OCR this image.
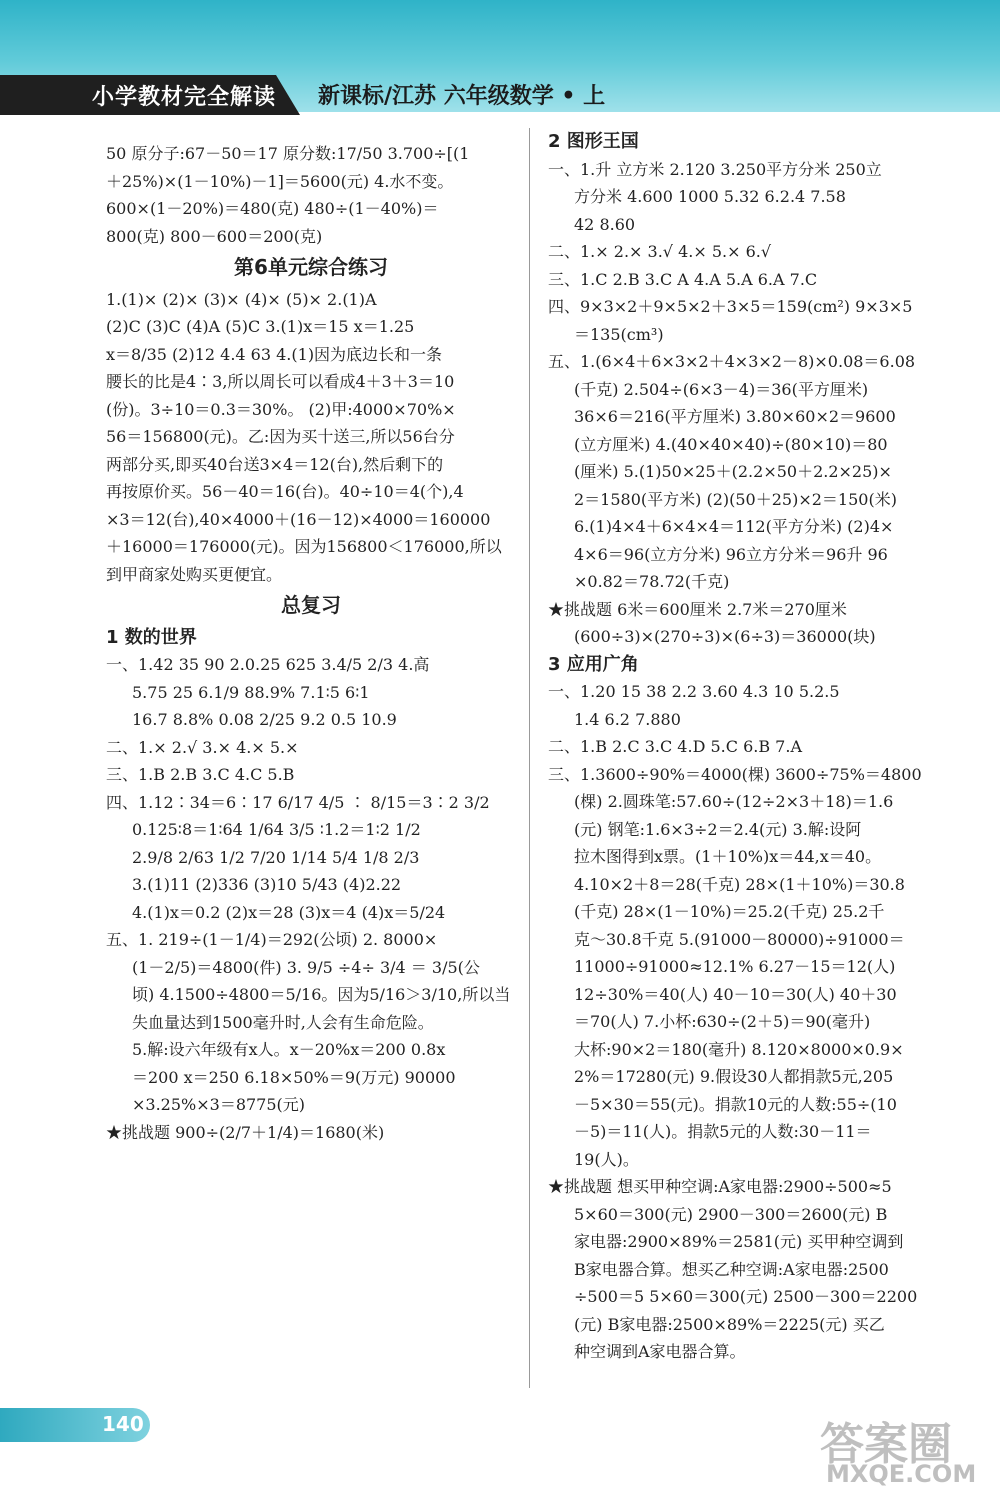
小学教材完全解读 新课标/江苏 六年级数学 • 上

50 原分子:67－50＝17 原分数:17/50 3.700÷[(1

＋25%)×(1－10%)－1]＝5600(元) 4.水不变。

600×(1－20%)＝480(克) 480÷(1－40%)＝

800(克) 800－600＝200(克)

第6单元综合练习

1.(1)× (2)× (3)× (4)× (5)× 2.(1)A

(2)C (3)C (4)A (5)C 3.(1)x＝15 x＝1.25

x＝8/35 (2)12 4.4 63 4.(1)因为底边长和一条

腰长的比是4∶3,所以周长可以看成4＋3＋3＝10

(份)。3÷10＝0.3＝30%。 (2)甲:4000×70%×

56＝156800(元)。乙:因为买十送三,所以56台分

两部分买,即买40台送3×4＝12(台),然后剩下的

再按原价买。56－40＝16(台)。40÷10＝4(个),4

×3＝12(台),40×4000＋(16－12)×4000＝160000

＋16000＝176000(元)。因为156800＜176000,所以

到甲商家处购买更便宜。

总复习

1 数的世界

一、1.42 35 90 2.0.25 625 3.4/5 2/3 4.高

5.75 25 6.1/9 88.9% 7.1∶5 6∶1

16.7 8.8% 0.08 2/25 9.2 0.5 10.9

二、1.× 2.√ 3.× 4.× 5.×

三、1.B 2.B 3.C 4.C 5.B

四、1.12∶34＝6∶17 6/17 4/5 ∶ 8/15＝3∶2 3/2

0.125∶8＝1∶64 1/64 3/5 ∶1.2＝1∶2 1/2

2.9/8 2/63 1/2 7/20 1/14 5/4 1/8 2/3

3.(1)11 (2)336 (3)10 5/43 (4)2.22

4.(1)x＝0.2 (2)x＝28 (3)x＝4 (4)x＝5/24

五、1. 219÷(1－1/4)＝292(公顷) 2. 8000×

(1－2/5)＝4800(件) 3. 9/5 ÷4÷ 3/4 ＝ 3/5(公

顷) 4.1500÷4800＝5/16。因为5/16＞3/10,所以当

失血量达到1500毫升时,人会有生命危险。

5.解:设六年级有x人。x－20%x＝200 0.8x

＝200 x＝250 6.18×50%＝9(万元) 90000

×3.25%×3＝8775(元)

★挑战题 900÷(2/7＋1/4)＝1680(米)

2 图形王国

一、1.升 立方米 2.120 3.250平方分米 250立

方分米 4.600 1000 5.32 6.2.4 7.58

42 8.60

二、1.× 2.× 3.√ 4.× 5.× 6.√

三、1.C 2.B 3.C A 4.A 5.A 6.A 7.C

四、9×3×2＋9×5×2＋3×5＝159(cm²) 9×3×5

＝135(cm³)

五、1.(6×4＋6×3×2＋4×3×2－8)×0.08＝6.08

(千克) 2.504÷(6×3－4)＝36(平方厘米)

36×6＝216(平方厘米) 3.80×60×2＝9600

(立方厘米) 4.(40×40×40)÷(80×10)＝80

(厘米) 5.(1)50×25＋(2.2×50＋2.2×25)×

2＝1580(平方米) (2)(50＋25)×2＝150(米)

6.(1)4×4＋6×4×4＝112(平方分米) (2)4×

4×6＝96(立方分米) 96立方分米＝96升 96

×0.82＝78.72(千克)

★挑战题 6米＝600厘米 2.7米＝270厘米

(600÷3)×(270÷3)×(6÷3)＝36000(块)

3 应用广角

一、1.20 15 38 2.2 3.60 4.3 10 5.2.5

1.4 6.2 7.880

二、1.B 2.C 3.C 4.D 5.C 6.B 7.A

三、1.3600÷90%＝4000(棵) 3600÷75%＝4800

(棵) 2.圆珠笔:57.60÷(12÷2×3＋18)＝1.6

(元) 钢笔:1.6×3÷2＝2.4(元) 3.解:设阿

拉木图得到x票。(1＋10%)x＝44,x＝40。

4.10×2＋8＝28(千克) 28×(1＋10%)＝30.8

(千克) 28×(1－10%)＝25.2(千克) 25.2千

克～30.8千克 5.(91000－80000)÷91000＝

11000÷91000≈12.1% 6.27－15＝12(人)

12÷30%＝40(人) 40－10＝30(人) 40＋30

＝70(人) 7.小杯:630÷(2＋5)＝90(毫升)

大杯:90×2＝180(毫升) 8.120×8000×0.9×

2%＝17280(元) 9.假设30人都捐款5元,205

－5×30＝55(元)。捐款10元的人数:55÷(10

－5)＝11(人)。捐款5元的人数:30－11＝

19(人)。

★挑战题 想买甲种空调:A家电器:2900÷500≈5

5×60＝300(元) 2900－300＝2600(元) B

家电器:2900×89%＝2581(元) 买甲种空调到

B家电器合算。想买乙种空调:A家电器:2500

÷500＝5 5×60＝300(元) 2500－300＝2200

(元) B家电器:2500×89%＝2225(元) 买乙

种空调到A家电器合算。

140	答案圈
MXQE.COM
